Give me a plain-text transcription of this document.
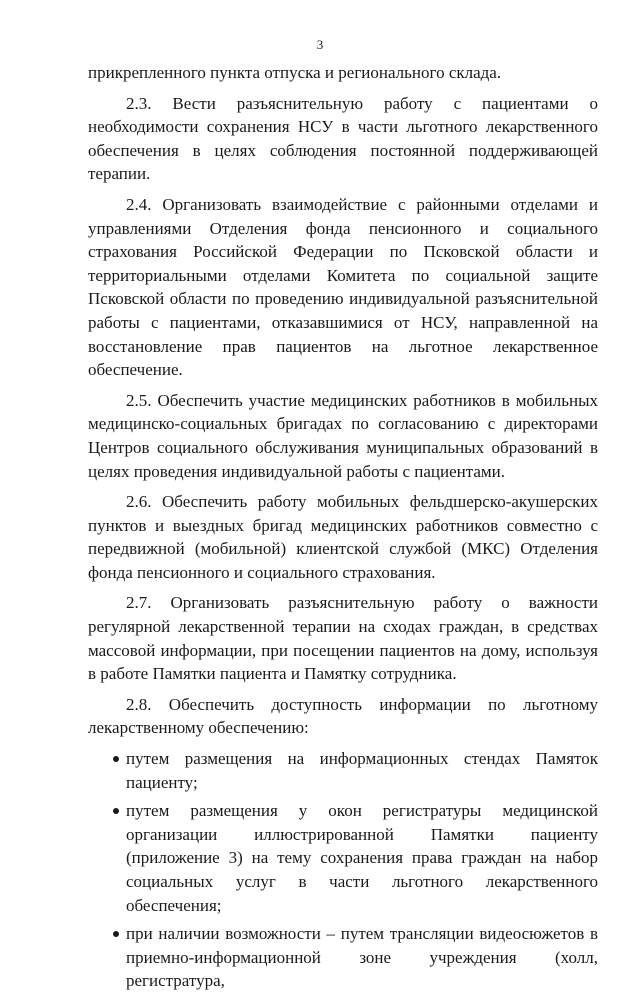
3

прикрепленного пункта отпуска и регионального склада.

2.3. Вести разъяснительную работу с пациентами о необходимости сохранения НСУ в части льготного лекарственного обеспечения в целях соблюдения постоянной поддерживающей терапии.

2.4. Организовать взаимодействие с районными отделами и управлениями Отделения фонда пенсионного и социального страхования Российской Федерации по Псковской области и территориальными отделами Комитета по социальной защите Псковской области по проведению индивидуальной разъяснительной работы с пациентами, отказавшимися от НСУ, направленной на восстановление прав пациентов на льготное лекарственное обеспечение.

2.5. Обеспечить участие медицинских работников в мобильных медицинско-социальных бригадах по согласованию с директорами Центров социального обслуживания муниципальных образований в целях проведения индивидуальной работы с пациентами.

2.6. Обеспечить работу мобильных фельдшерско-акушерских пунктов и выездных бригад медицинских работников совместно с передвижной (мобильной) клиентской службой (МКС) Отделения фонда пенсионного и социального страхования.

2.7. Организовать разъяснительную работу о важности регулярной лекарственной терапии на сходах граждан, в средствах массовой информации, при посещении пациентов на дому, используя в работе Памятки пациента и Памятку сотрудника.

2.8. Обеспечить доступность информации по льготному лекарственному обеспечению:

путем размещения на информационных стендах Памяток пациенту;
путем размещения у окон регистратуры медицинской организации иллюстрированной Памятки пациенту (приложение 3) на тему сохранения права граждан на набор социальных услуг в части льготного лекарственного обеспечения;
при наличии возможности – путем трансляции видеосюжетов в приемно-информационной зоне учреждения (холл, регистратура,
